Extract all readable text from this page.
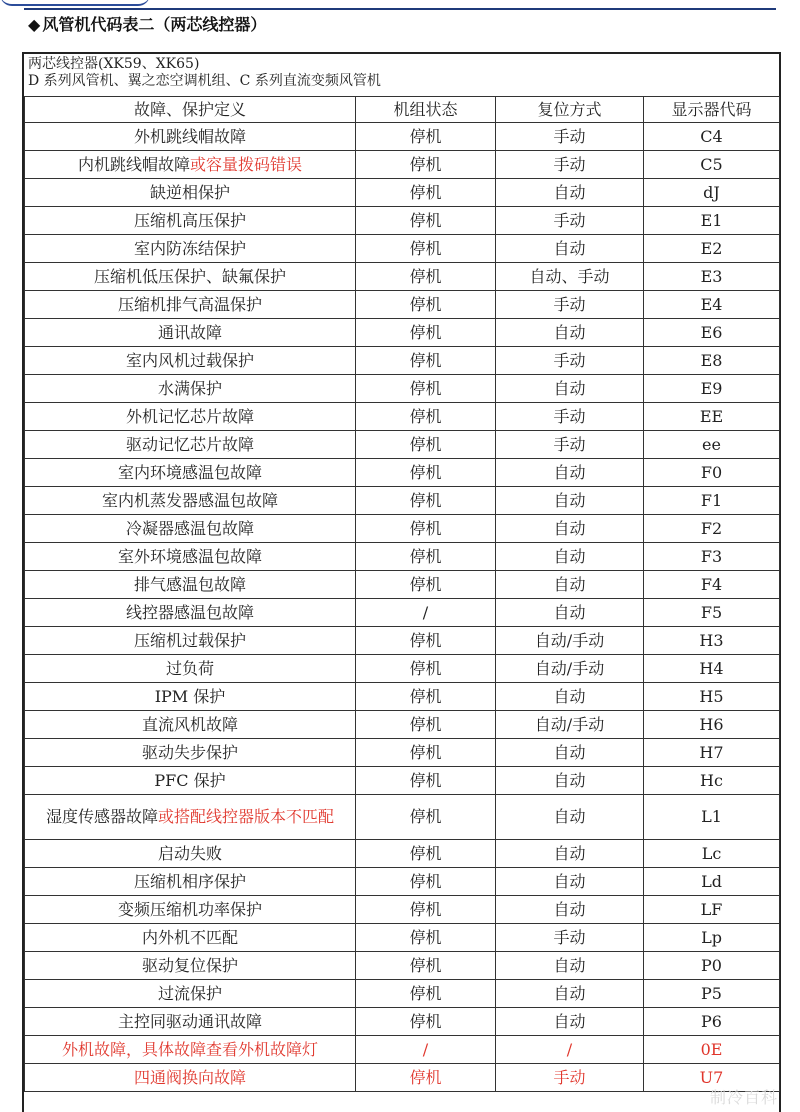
◆ 风管机代码表二（两芯线控器）
两芯线控器(XK59、XK65)
D 系列风管机、翼之恋空调机组、C 系列直流变频风管机
故障、保护定义	机组状态	复位方式	显示器代码
外机跳线帽故障	停机	手动	C4
内机跳线帽故障或容量拨码错误	停机	手动	C5
缺逆相保护	停机	自动	dJ
压缩机高压保护	停机	手动	E1
室内防冻结保护	停机	自动	E2
压缩机低压保护、缺氟保护	停机	自动、手动	E3
压缩机排气高温保护	停机	手动	E4
通讯故障	停机	自动	E6
室内风机过载保护	停机	手动	E8
水满保护	停机	自动	E9
外机记忆芯片故障	停机	手动	EE
驱动记忆芯片故障	停机	手动	ee
室内环境感温包故障	停机	自动	F0
室内机蒸发器感温包故障	停机	自动	F1
冷凝器感温包故障	停机	自动	F2
室外环境感温包故障	停机	自动	F3
排气感温包故障	停机	自动	F4
线控器感温包故障	/	自动	F5
压缩机过载保护	停机	自动/手动	H3
过负荷	停机	自动/手动	H4
IPM 保护	停机	自动	H5
直流风机故障	停机	自动/手动	H6
驱动失步保护	停机	自动	H7
PFC 保护	停机	自动	Hc
湿度传感器故障或搭配线控器版本不匹配	停机	自动	L1
启动失败	停机	自动	Lc
压缩机相序保护	停机	自动	Ld
变频压缩机功率保护	停机	自动	LF
内外机不匹配	停机	手动	Lp
驱动复位保护	停机	自动	P0
过流保护	停机	自动	P5
主控同驱动通讯故障	停机	自动	P6
外机故障，具体故障查看外机故障灯	/	/	0E
四通阀换向故障	停机	手动	U7
制冷百科
